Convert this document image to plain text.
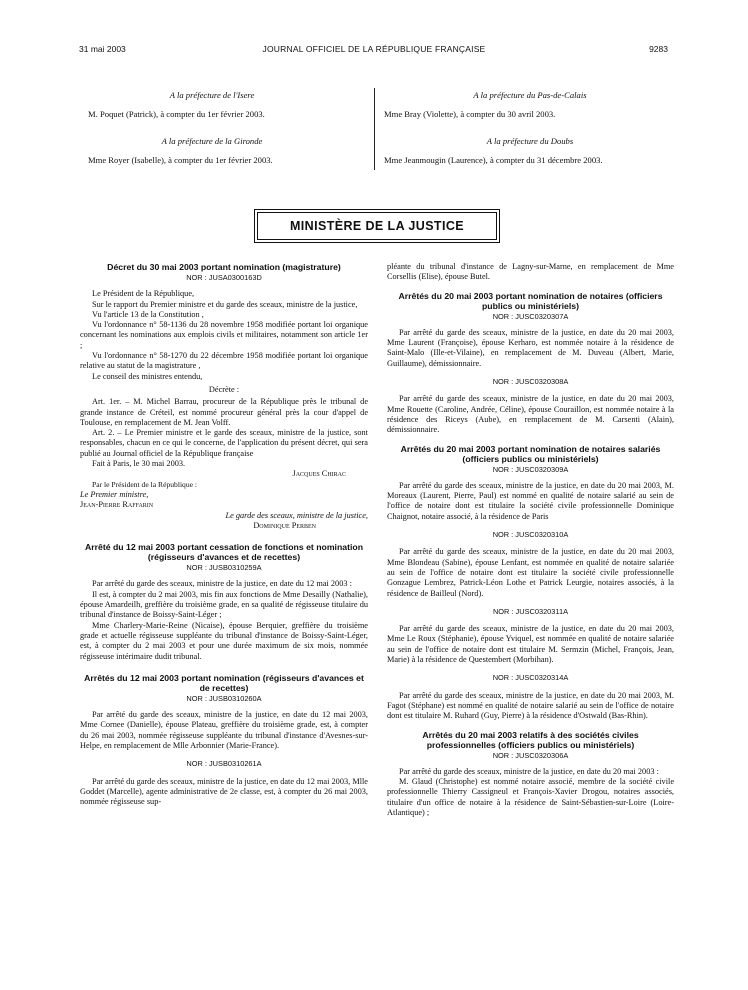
31 mai 2003	JOURNAL OFFICIEL DE LA RÉPUBLIQUE FRANÇAISE	9283
A la préfecture de l'Isere
M. Poquet (Patrick), à compter du 1er février 2003.
A la préfecture de la Gironde
Mme Royer (Isabelle), à compter du 1er février 2003.
A la préfecture du Pas-de-Calais
Mme Bray (Violette), à compter du 30 avril 2003.
A la préfecture du Doubs
Mme Jeanmougin (Laurence), à compter du 31 décembre 2003.
MINISTÈRE DE LA JUSTICE

Décret du 30 mai 2003 portant nomination (magistrature)

NOR : JUSA0300163D

Le Président de la République,

Sur le rapport du Premier ministre et du garde des sceaux, ministre de la justice,

Vu l'article 13 de la Constitution ,

Vu l'ordonnance n° 58-1136 du 28 novembre 1958 modifiée portant loi organique concernant les nominations aux emplois civils et militaires, notamment son article 1er ;

Vu l'ordonnance n° 58-1270 du 22 décembre 1958 modifiée portant loi organique relative au statut de la magistrature ,

Le conseil des ministres entendu,

Décrète :

Art. 1er. – M. Michel Barrau, procureur de la République près le tribunal de grande instance de Créteil, est nommé procureur général près la cour d'appel de Toulouse, en remplacement de M. Jean Volff.

Art. 2. – Le Premier ministre et le garde des sceaux, ministre de la justice, sont responsables, chacun en ce qui le concerne, de l'application du présent décret, qui sera publié au Journal officiel de la République française

Fait à Paris, le 30 mai 2003.

Jacques Chirac

Par le Président de la République :

Le Premier ministre,

Jean-Pierre Raffarin

Le garde des sceaux, ministre de la justice,

Dominique Perben

Arrêté du 12 mai 2003 portant cessation de fonctions et nomination (régisseurs d'avances et de recettes)

NOR : JUSB0310259A

Par arrêté du garde des sceaux, ministre de la justice, en date du 12 mai 2003 :

Il est, à compter du 2 mai 2003, mis fin aux fonctions de Mme Desailly (Nathalie), épouse Amardeilh, greffière du troisième grade, en sa qualité de régisseuse titulaire du tribunal d'instance de Boissy-Saint-Léger ;

Mme Charlery-Marie-Reine (Nicaise), épouse Berquier, greffière du troisième grade et actuelle régisseuse suppléante du tribunal d'instance de Boissy-Saint-Léger, est, à compter du 2 mai 2003 et pour une durée maximum de six mois, nommée régisseuse intérimaire dudit tribunal.

Arrêtés du 12 mai 2003 portant nomination (régisseurs d'avances et de recettes)

NOR : JUSB0310260A

Par arrêté du garde des sceaux, ministre de la justice, en date du 12 mai 2003, Mme Cornee (Danielle), épouse Plateau, greffière du troisième grade, est, à compter du 26 mai 2003, nommée régisseuse suppléante du tribunal d'instance d'Avesnes-sur-Helpe, en remplacement de Mlle Arbonnier (Marie-France).

NOR : JUSB0310261A

Par arrêté du garde des sceaux, ministre de la justice, en date du 12 mai 2003, Mlle Goddet (Marcelle), agente administrative de 2e classe, est, à compter du 26 mai 2003, nommée régisseuse sup-

pléante du tribunal d'instance de Lagny-sur-Marne, en remplacement de Mme Corsellis (Elise), épouse Butel.

Arrêtés du 20 mai 2003 portant nomination de notaires (officiers publics ou ministériels)

NOR : JUSC0320307A

Par arrêté du garde des sceaux, ministre de la justice, en date du 20 mai 2003, Mme Laurent (Françoise), épouse Kerharo, est nommée notaire à la résidence de Saint-Malo (Ille-et-Vilaine), en remplacement de M. Duveau (Albert, Marie, Guillaume), démissionnaire.

NOR : JUSC0320308A

Par arrêté du garde des sceaux, ministre de la justice, en date du 20 mai 2003, Mme Rouette (Caroline, Andrée, Céline), épouse Couraillon, est nommée notaire à la résidence des Riceys (Aube), en remplacement de M. Carsenti (Alain), démissionnaire.

Arrêtés du 20 mai 2003 portant nomination de notaires salariés (officiers publics ou ministériels)

NOR : JUSC0320309A

Par arrêté du garde des sceaux, ministre de la justice, en date du 20 mai 2003, M. Moreaux (Laurent, Pierre, Paul) est nommé en qualité de notaire salarié au sein de l'office de notaire dont est titulaire la société civile professionnelle Dominique Chaignot, notaire associé, à la résidence de Paris

NOR : JUSC0320310A

Par arrêté du garde des sceaux, ministre de la justice, en date du 20 mai 2003, Mme Blondeau (Sabine), épouse Lenfant, est nommée en qualité de notaire salariée au sein de l'office de notaire dont est titulaire la société civile professionnelle Gonzague Lembrez, Patrick-Léon Lothe et Patrick Leurgie, notaires associés, à la résidence de Bailleul (Nord).

NOR : JUSC0320311A

Par arrêté du garde des sceaux, ministre de la justice, en date du 20 mai 2003, Mme Le Roux (Stéphanie), épouse Yviquel, est nommée en qualité de notaire salariée au sein de l'office de notaire dont est titulaire M. Sermzin (Michel, François, Jean, Marie) à la résidence de Questembert (Morbihan).

NOR : JUSC0320314A

Par arrêté du garde des sceaux, ministre de la justice, en date du 20 mai 2003, M. Fagot (Stéphane) est nommé en qualité de notaire salarié au sein de l'office de notaire dont est titulaire M. Ruhard (Guy, Pierre) à la résidence d'Ostwald (Bas-Rhin).

Arrêtés du 20 mai 2003 relatifs à des sociétés civiles professionnelles (officiers publics ou ministériels)

NOR : JUSC0320306A

Par arrêté du garde des sceaux, ministre de la justice, en date du 20 mai 2003 :

M. Glaud (Christophe) est nommé notaire associé, membre de la société civile professionnelle Thierry Cassigneul et François-Xavier Drogou, notaires associés, titulaire d'un office de notaire à la résidence de Saint-Sébastien-sur-Loire (Loire-Atlantique) ;
